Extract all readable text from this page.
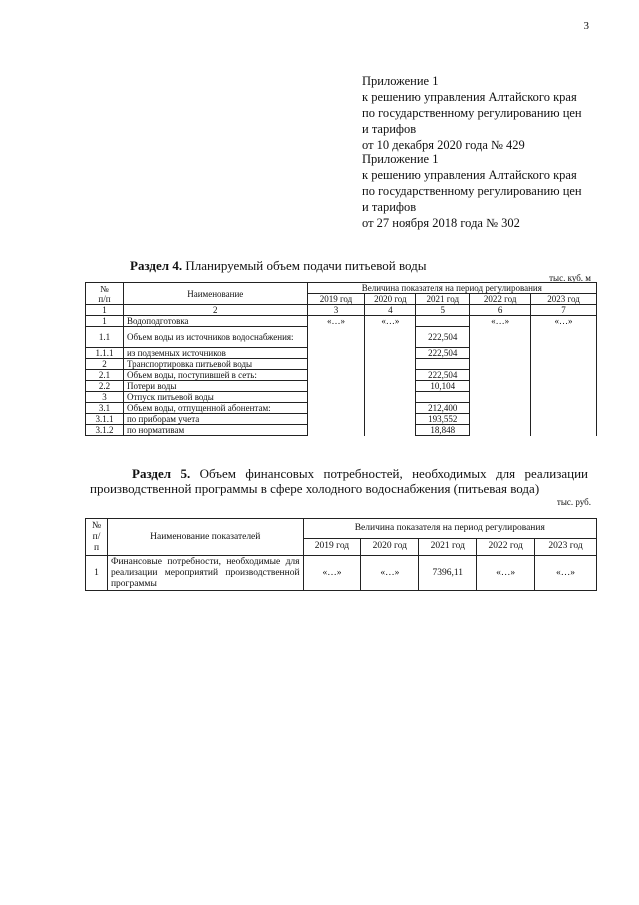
3
Приложение 1
к решению управления Алтайского края
по государственному регулированию цен
и тарифов
от 10 декабря 2020 года № 429
Приложение 1
к решению управления Алтайского края
по государственному регулированию цен
и тарифов
от 27 ноября 2018 года № 302
Раздел 4. Планируемый объем подачи питьевой воды
тыс. куб. м
№
п/п	Наименование	Величина показателя на период регулирования				
		2019 год	2020 год	2021 год	2022 год	2023 год
1	2	3	4	5	6	7
1	Водоподготовка	«…»	«…»		«…»	«…»
1.1	Объем воды из источников водоснабжения:			222,504		
1.1.1	из подземных источников			222,504		
2	Транспортировка питьевой воды					
2.1	Объем воды, поступившей в сеть:			222,504		
2.2	Потери воды			10,104		
3	Отпуск питьевой воды					
3.1	Объем воды, отпущенной абонентам:			212,400		
3.1.1	по приборам учета			193,552		
3.1.2	по нормативам			18,848		
Раздел 5. Объем финансовых потребностей, необходимых для реализации производственной программы в сфере холодного водоснабжения (питьевая вода)
тыс. руб.
№
п/
п	Наименование показателей	Величина показателя на период регулирования				
		2019 год	2020 год	2021 год	2022 год	2023 год
1	Финансовые потребности, необходимые для реализации мероприятий производственной программы	«…»	«…»	7396,11	«…»	«…»
